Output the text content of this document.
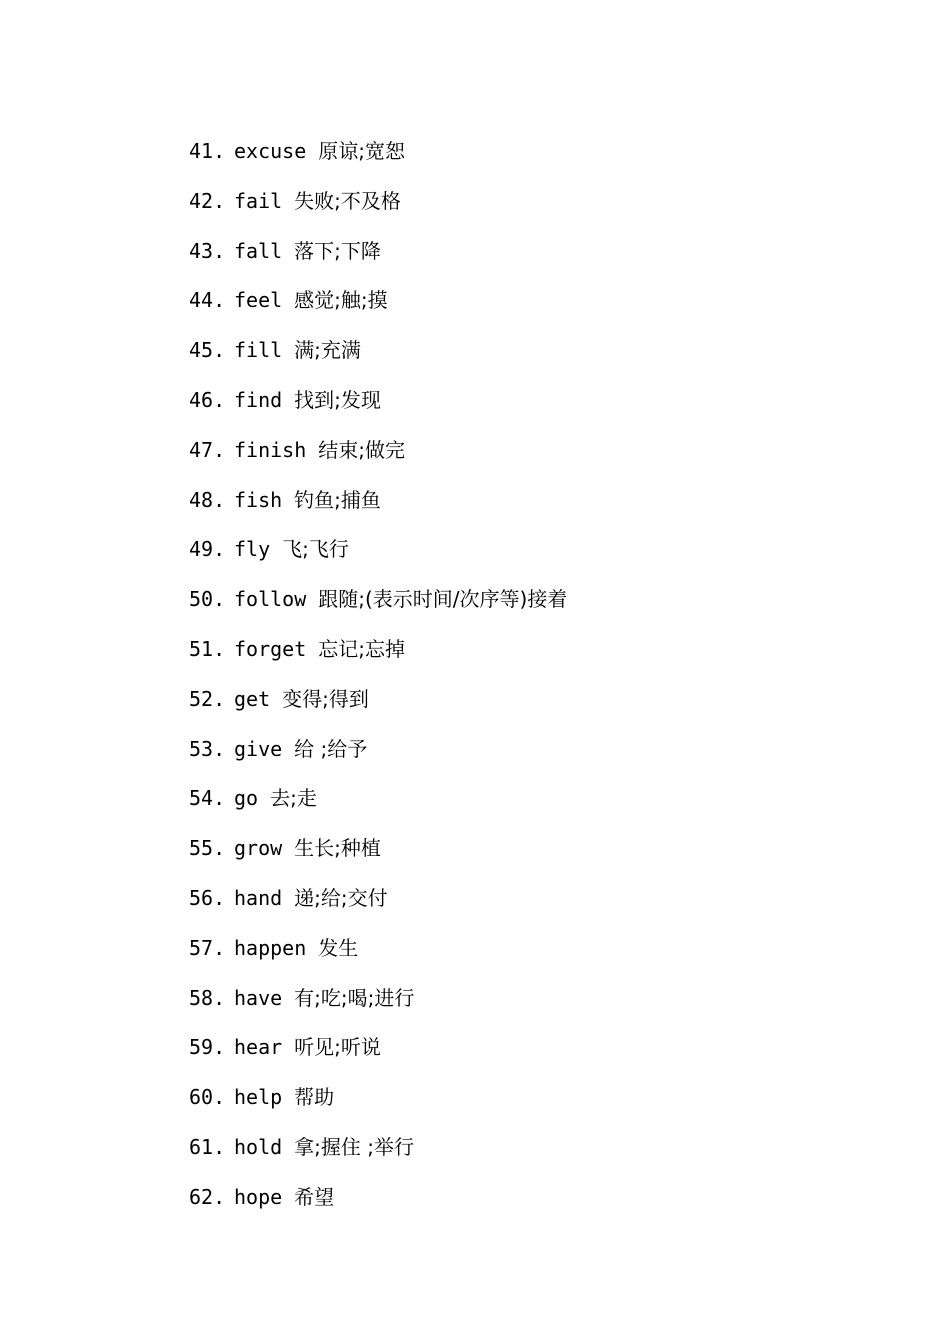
41. excuse 原谅;宽恕
42. fail 失败;不及格
43. fall 落下;下降
44. feel 感觉;触;摸
45. fill 满;充满
46. find 找到;发现
47. finish 结束;做完
48. fish 钓鱼;捕鱼
49. fly 飞;飞行
50. follow 跟随;(表示时间/次序等)接着
51. forget 忘记;忘掉
52. get 变得;得到
53. give 给 ;给予
54. go 去;走
55. grow 生长;种植
56. hand 递;给;交付
57. happen 发生
58. have 有;吃;喝;进行
59. hear 听见;听说
60. help 帮助
61. hold 拿;握住 ;举行
62. hope 希望
